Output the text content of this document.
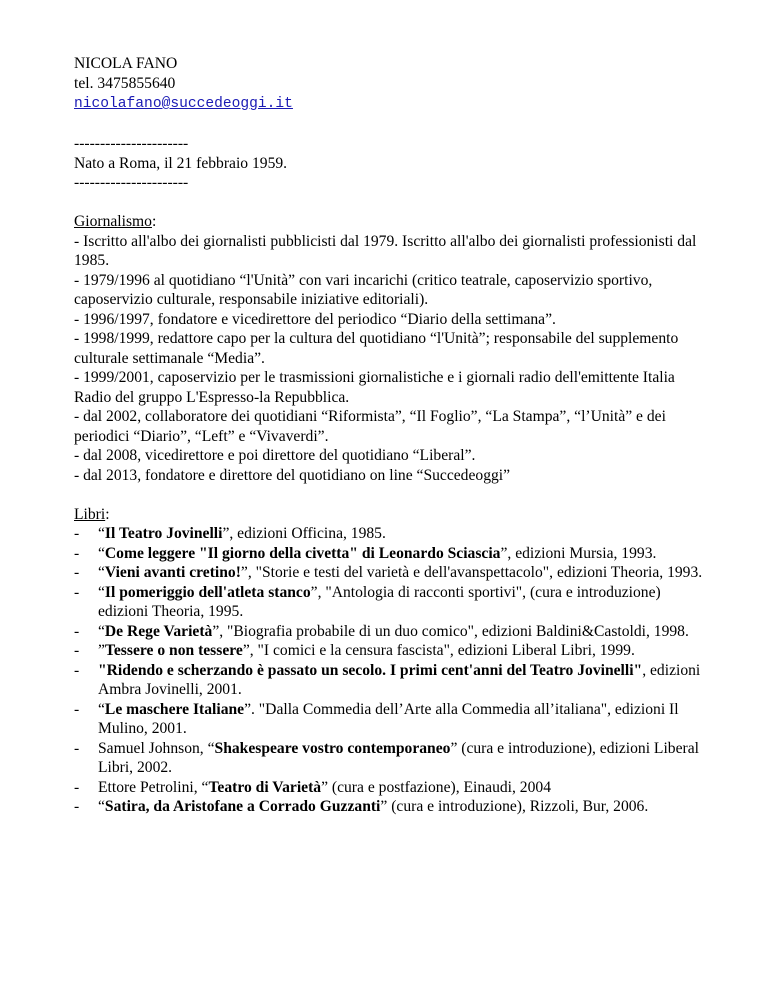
NICOLA FANO
tel. 3475855640
nicolafano@succedeoggi.it
----------------------
Nato a Roma, il 21 febbraio 1959.
----------------------
Giornalismo:
- Iscritto all'albo dei giornalisti pubblicisti dal 1979. Iscritto all'albo dei giornalisti professionisti dal 1985.
- 1979/1996 al quotidiano “l'Unità” con vari incarichi (critico teatrale, caposervizio sportivo, caposervizio culturale, responsabile iniziative editoriali).
- 1996/1997, fondatore e vicedirettore del periodico “Diario della settimana”.
- 1998/1999, redattore capo per la cultura del quotidiano “l'Unità”; responsabile del supplemento culturale settimanale “Media”.
- 1999/2001, caposervizio per le trasmissioni giornalistiche e i giornali radio dell'emittente Italia Radio del gruppo L'Espresso-la Repubblica.
- dal 2002, collaboratore dei quotidiani “Riformista”, “Il Foglio”, “La Stampa”, “l’Unità” e dei periodici “Diario”, “Left” e “Vivaverdi”.
- dal 2008, vicedirettore e poi direttore del quotidiano “Liberal”.
- dal 2013, fondatore e direttore del quotidiano on line “Succedeoggi”
Libri:
-	“Il Teatro Jovinelli”, edizioni Officina, 1985.
-	“Come leggere "Il giorno della civetta" di Leonardo Sciascia”, edizioni Mursia, 1993.
-	“Vieni avanti cretino!”, "Storie e testi del varietà e dell'avanspettacolo", edizioni Theoria, 1993.
-	“Il pomeriggio dell'atleta stanco”, "Antologia di racconti sportivi", (cura e introduzione) edizioni Theoria, 1995.
-	“De Rege Varietà”, "Biografia probabile di un duo comico", edizioni Baldini&Castoldi, 1998.
-	”Tessere o non tessere”, "I comici e la censura fascista", edizioni Liberal Libri, 1999.
-	"Ridendo e scherzando è passato un secolo. I primi cent'anni del Teatro Jovinelli", edizioni Ambra Jovinelli, 2001.
-	“Le maschere Italiane”. "Dalla Commedia dell’Arte alla Commedia all’italiana", edizioni Il Mulino, 2001.
-	Samuel Johnson, “Shakespeare vostro contemporaneo” (cura e introduzione), edizioni Liberal Libri, 2002.
-	Ettore Petrolini, “Teatro di Varietà” (cura e postfazione), Einaudi, 2004
-	“Satira, da Aristofane a Corrado Guzzanti” (cura e introduzione), Rizzoli, Bur, 2006.
